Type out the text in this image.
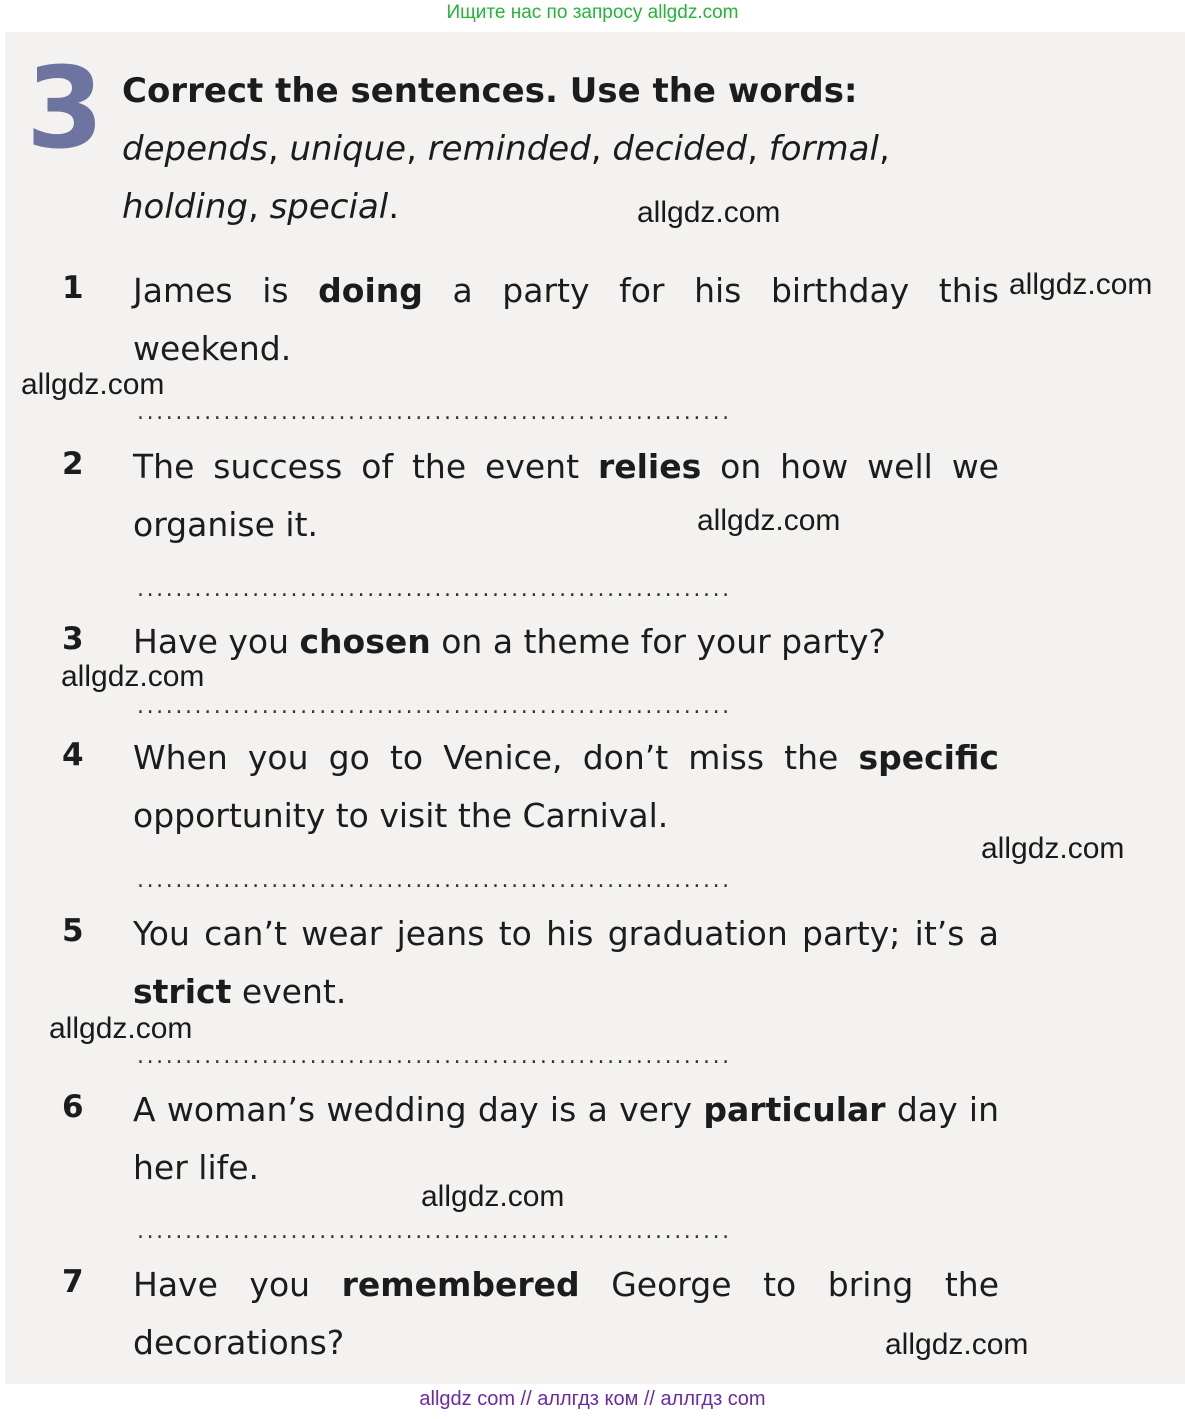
Ищите нас по запросу allgdz.com
3 Correct the sentences. Use the words: depends, unique, reminded, decided, formal, holding, special.
1 James is doing a party for his birthday this weekend.
..............................................................
2 The success of the event relies on how well we organise it.
..............................................................
3 Have you chosen on a theme for your party?
..............................................................
4 When you go to Venice, don’t miss the specific opportunity to visit the Carnival.
..............................................................
5 You can’t wear jeans to his graduation party; it’s a strict event.
..............................................................
6 A woman’s wedding day is a very particular day in her life.
..............................................................
7 Have you remembered George to bring the decorations?
allgdz.com
allgdz.com
allgdz.com
allgdz.com
allgdz.com
allgdz.com
allgdz.com
allgdz.com
allgdz.com
allgdz com // аллгдз ком // аллгдз com
